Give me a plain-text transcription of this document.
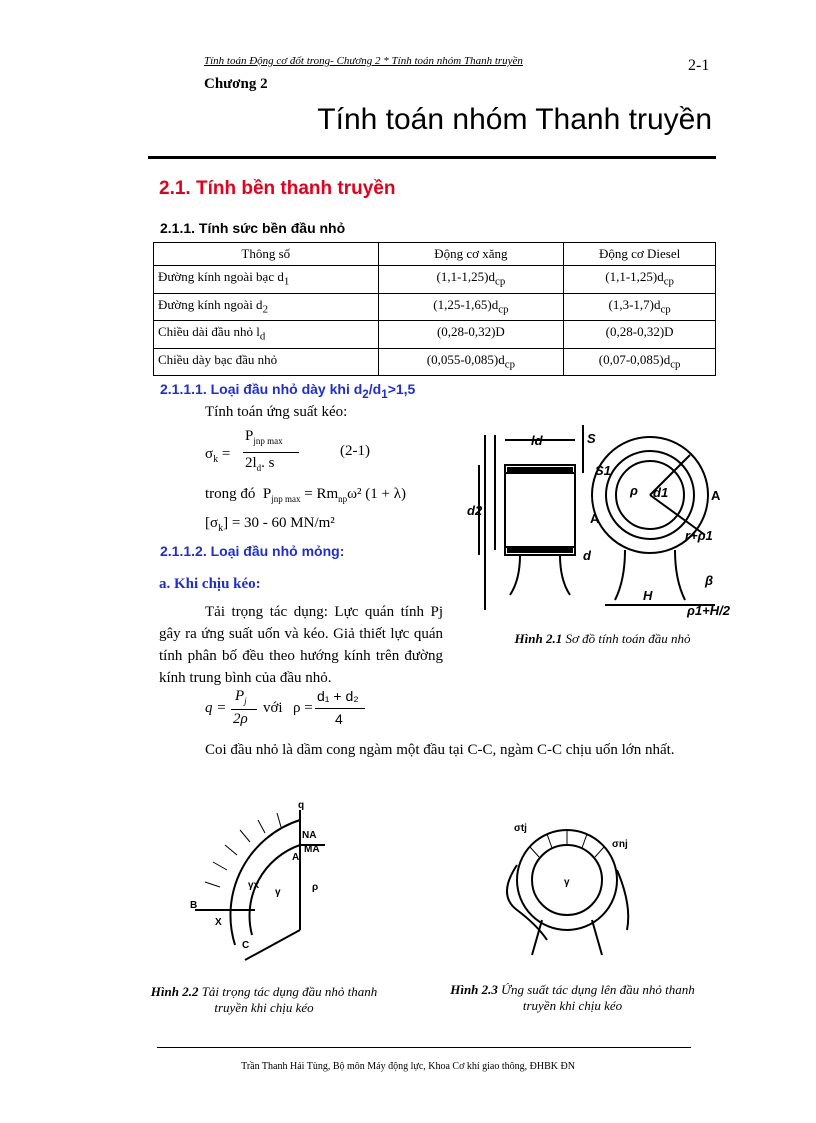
Tính toán Động cơ đốt trong- Chương 2 * Tính toán nhóm Thanh truyền	2-1
Chương 2
Tính toán nhóm Thanh truyền
2.1. Tính bền thanh truyền
2.1.1. Tính sức bền đầu nhỏ
Thông số	Động cơ xăng	Động cơ Diesel
Đường kính ngoài bạc $d_1$	$(1,1-1,25)d_{cp}$	$(1,1-1,25)d_{cp}$
Đường kính ngoài $d_2$	$(1,25-1,65)d_{cp}$	$(1,3-1,7)d_{cp}$
Chiều dài đầu nhỏ $l_d$	(0,28-0,32)D	(0,28-0,32)D
Chiều dày bạc đầu nhỏ	$(0,055-0,085)d_{cp}$	$(0,07-0,085)d_{cp}$
2.1.1.1. Loại đầu nhỏ dày khi $d_2/d_1>1,5$
Tính toán ứng suất kéo:
$\sigma_k$ =
$P_{jnp max}$
$2l_d$. s
(2-1)
trong đó $P_{jnp max} = Rm_{np}\omega^2$ (1 + λ)
$[\sigma_k] = 30 - 60$ MN/m²
2.1.1.2. Loại đầu nhỏ mỏng:
a. Khi chịu kéo:
Tải trọng tác dụng: Lực quán tính Pj gây ra ứng suất uốn và kéo. Giả thiết lực quán tính phân bố đều theo hướng kính trên đường kính trung bình của đầu nhỏ.
q =
$P_j$
2ρ
với ρ =
d₁ + d₂
4
Coi đầu nhỏ là dầm cong ngàm một đầu tại C-C, ngàm C-C chịu uốn lớn nhất.
ld	S
S1
d2
d
A
A
d1
ρ
r+ρ1
β
H
ρ1+H/2
Hình 2.1 Sơ đồ tính toán đầu nhỏ
q
NA
MA
A
ρ
γx
γ
B
X
C
Hình 2.2 Tải trọng tác dụng đầu nhỏ thanh truyền khi chịu kéo
σtj
σnj
γ
Hình 2.3 Ứng suất tác dụng lên đầu nhỏ thanh truyền khi chịu kéo
Trần Thanh Hải Tùng, Bộ môn Máy động lực, Khoa Cơ khí giao thông, ĐHBK ĐN
